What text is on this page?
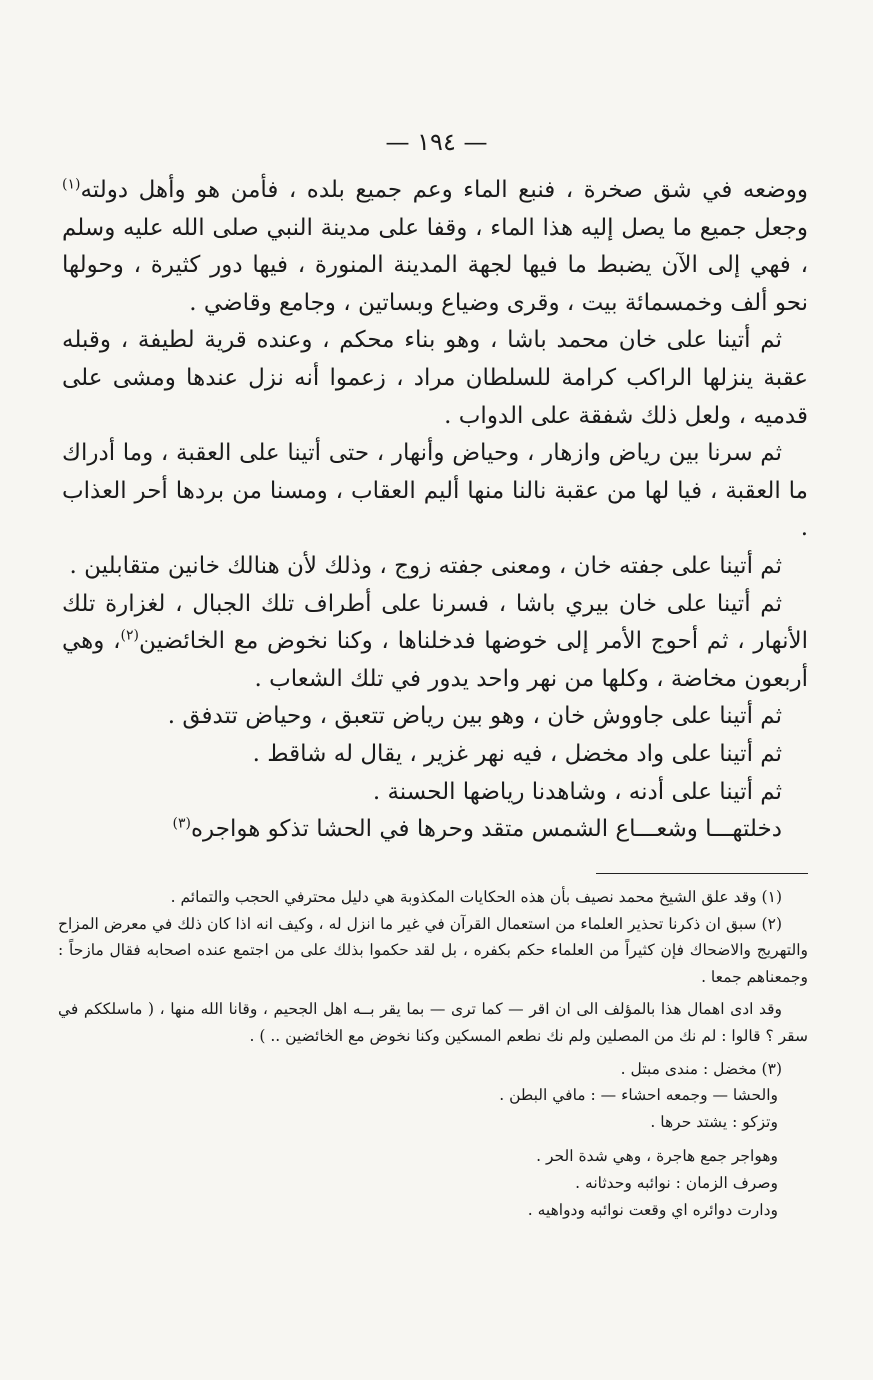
— ١٩٤ —

ووضعه في شق صخرة ، فنبع الماء وعم جميع بلده ، فأمن هو وأهل دولته$^{(١)}$ وجعل جميع ما يصل إليه هذا الماء ، وقفا على مدينة النبي صلى الله عليه وسلم ، فهي إلى الآن يضبط ما فيها لجهة المدينة المنورة ، فيها دور كثيرة ، وحولها نحو ألف وخمسمائة بيت ، وقرى وضياع وبساتين ، وجامع وقاضي .

ثم أتينا على خان محمد باشا ، وهو بناء محكم ، وعنده قرية لطيفة ، وقبله عقبة ينزلها الراكب كرامة للسلطان مراد ، زعموا أنه نزل عندها ومشى على قدميه ، ولعل ذلك شفقة على الدواب .

ثم سرنا بين رياض وازهار ، وحياض وأنهار ، حتى أتينا على العقبة ، وما أدراك ما العقبة ، فيا لها من عقبة نالنا منها أليم العقاب ، ومسنا من بردها أحر العذاب .

ثم أتينا على جفته خان ، ومعنى جفته زوج ، وذلك لأن هنالك خانين متقابلين .

ثم أتينا على خان بيري باشا ، فسرنا على أطراف تلك الجبال ، لغزارة تلك الأنهار ، ثم أحوج الأمر إلى خوضها فدخلناها ، وكنا نخوض مع الخائضين$^{(٢)}$، وهي أربعون مخاضة ، وكلها من نهر واحد يدور في تلك الشعاب .

ثم أتينا على جاووش خان ، وهو بين رياض تتعبق ، وحياض تتدفق .

ثم أتينا على واد مخضل ، فيه نهر غزير ، يقال له شاقط .

ثم أتينا على أدنه ، وشاهدنا رياضها الحسنة .

دخلتهـــا وشعـــاع الشمس متقد وحرها في الحشا تذكو هواجره$^{(٣)}$

(١) وقد علق الشيخ محمد نصيف بأن هذه الحكايات المكذوبة هي دليل محترفي الحجب والتمائم .

(٢) سبق ان ذكرنا تحذير العلماء من استعمال القرآن في غير ما انزل له ، وكيف انه اذا كان ذلك في معرض المزاح والتهريج والاضحاك فإن كثيراً من العلماء حكم بكفره ، بل لقد حكموا بذلك على من اجتمع عنده اصحابه فقال مازحاً : وجمعناهم جمعا .

وقد ادى اهمال هذا بالمؤلف الى ان اقر — كما ترى — بما يقر بــه اهل الجحيم ، وقانا الله منها ، ( ماسلككم في سقر ؟ قالوا : لم نك من المصلين ولم نك نطعم المسكين وكنا نخوض مع الخائضين .. ) .

(٣) مخضل : مندى مبتل .

والحشا — وجمعه احشاء — : مافي البطن .

وتزكو : يشتد حرها .

وهواجر جمع هاجرة ، وهي شدة الحر .

وصرف الزمان : نوائبه وحدثانه .

ودارت دوائره اي وقعت نوائبه ودواهيه .
